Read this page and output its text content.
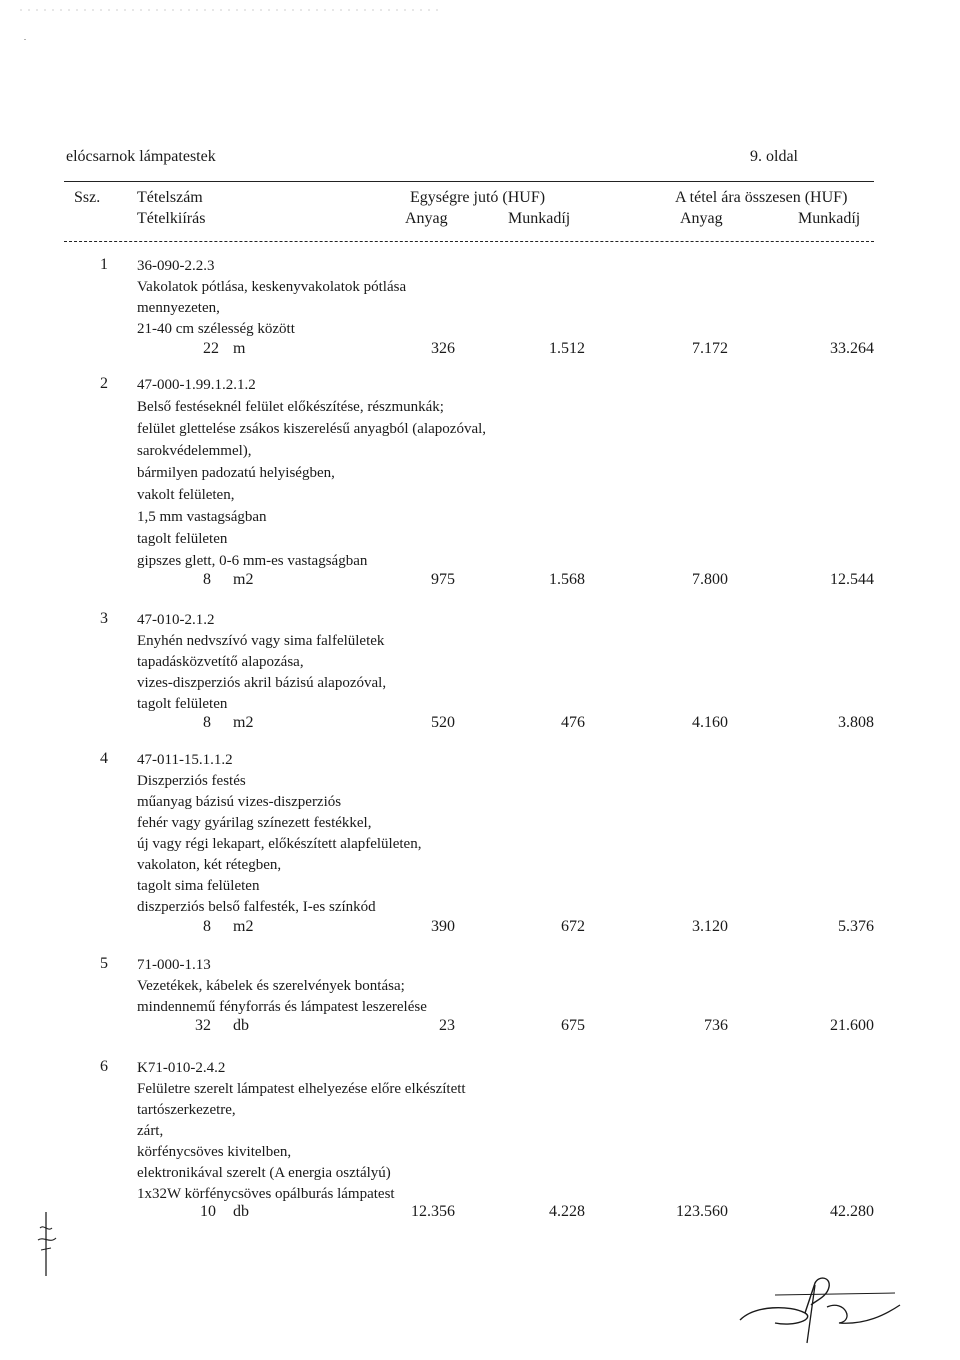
elócsarnok lámpatestek	9. oldal
Ssz. Tételszám
Tételkiírás
Egységre jutó (HUF)	A tétel ára összesen (HUF)
Anyag	Munkadíj	Anyag	Munkadíj
1 36-090-2.2.3
Vakolatok pótlása, keskenyvakolatok pótlása
mennyezeten,
21-40 cm szélesség között
22 m	326	1.512	7.172	33.264
2 47-000-1.99.1.2.1.2
Belső festéseknél felület előkészítése, részmunkák;
felület glettelése zsákos kiszerelésű anyagból (alapozóval,
sarokvédelemmel),
bármilyen padozatú helyiségben,
vakolt felületen,
1,5 mm vastagságban
tagolt felületen
gipszes glett, 0-6 mm-es vastagságban
8 m2	975	1.568	7.800	12.544
3 47-010-2.1.2
Enyhén nedvszívó vagy sima falfelületek
tapadásközvetítő alapozása,
vizes-diszperziós akril bázisú alapozóval,
tagolt felületen
8 m2	520	476	4.160	3.808
4 47-011-15.1.1.2
Diszperziós festés
műanyag bázisú vizes-diszperziós
fehér vagy gyárilag színezett festékkel,
új vagy régi lekapart, előkészített alapfelületen,
vakolaton, két rétegben,
tagolt sima felületen
diszperziós belső falfesték, I-es színkód
8 m2	390	672	3.120	5.376
5 71-000-1.13
Vezetékek, kábelek és szerelvények bontása;
mindennemű fényforrás és lámpatest leszerelése
32 db	23	675	736	21.600
6 K71-010-2.4.2
Felületre szerelt lámpatest elhelyezése előre elkészített
tartószerkezetre,
zárt,
körfénycsöves kivitelben,
elektronikával szerelt (A energia osztályú)
1x32W körfénycsöves opálburás lámpatest
10 db	12.356	4.228	123.560	42.280
